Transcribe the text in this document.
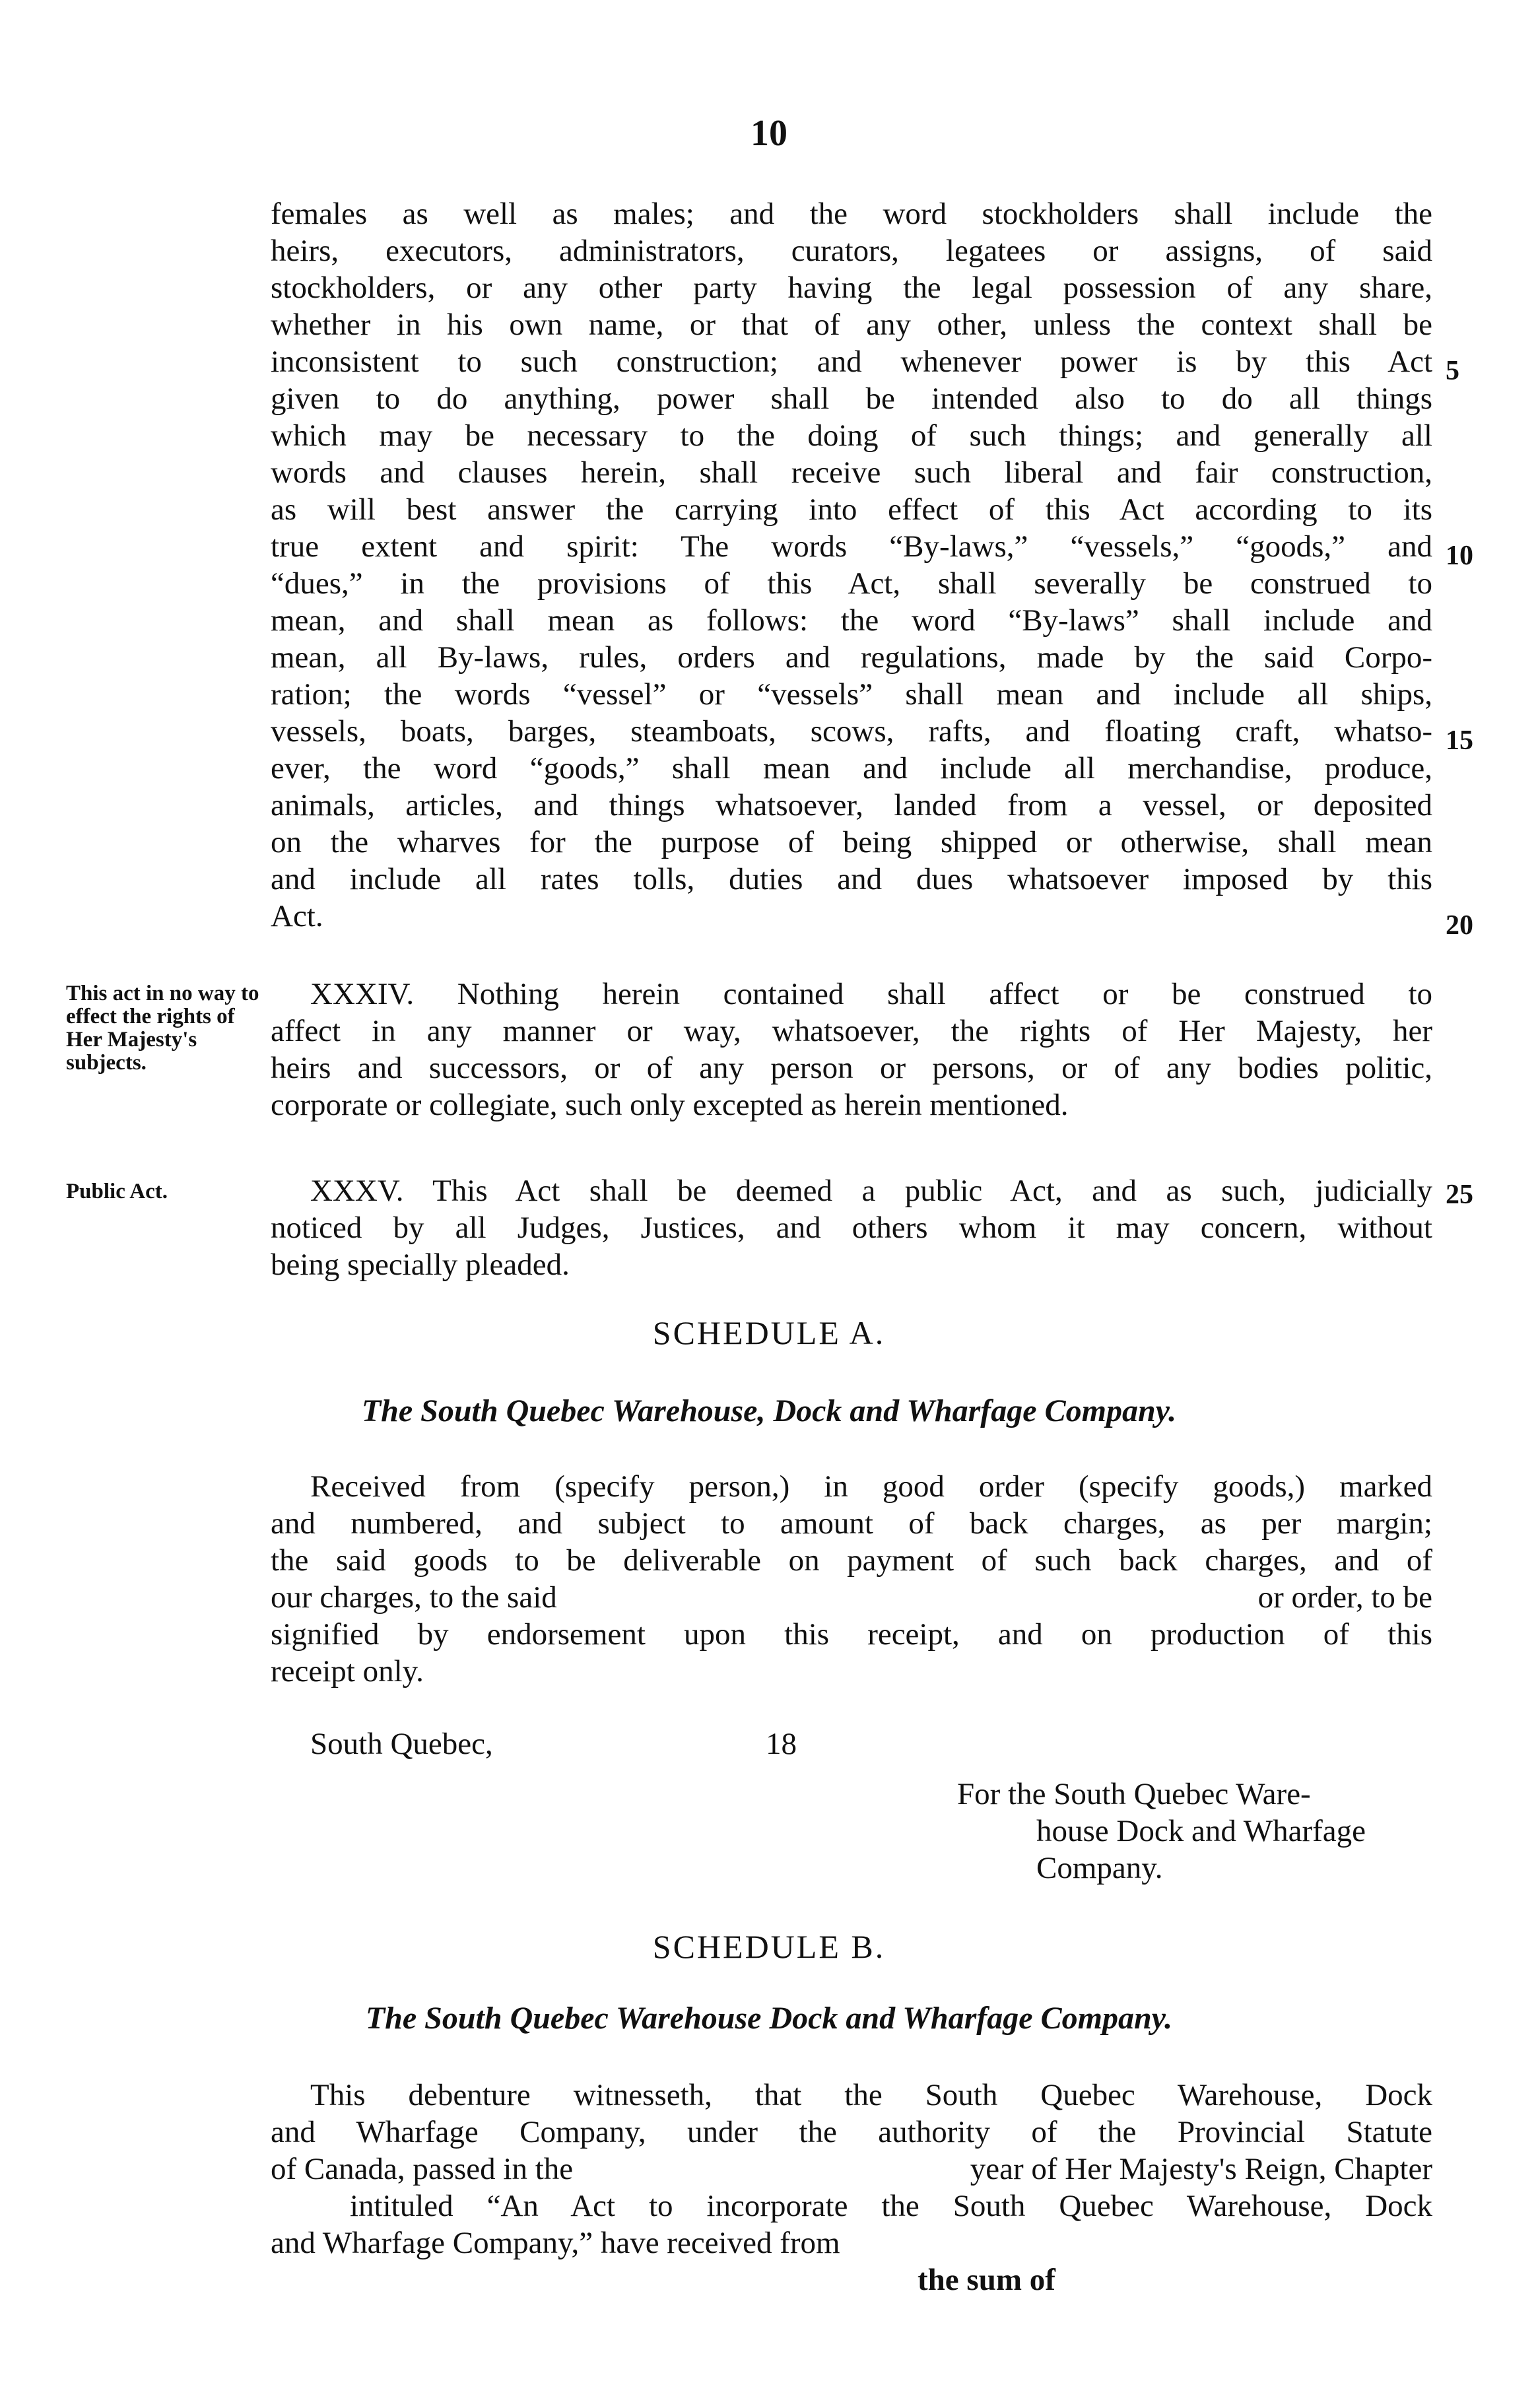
10
females as well as males; and the word stockholders shall include the
heirs, executors, administrators, curators, legatees or assigns, of said
stockholders, or any other party having the legal possession of any share,
whether in his own name, or that of any other, unless the context shall be
inconsistent to such construction; and whenever power is by this Act
given to do anything, power shall be intended also to do all things
which may be necessary to the doing of such things; and generally all
words and clauses herein, shall receive such liberal and fair construction,
as will best answer the carrying into effect of this Act according to its
true extent and spirit: The words “By-laws,” “vessels,” “goods,” and
“dues,” in the provisions of this Act, shall severally be construed to
mean, and shall mean as follows: the word “By-laws” shall include and
mean, all By-laws, rules, orders and regulations, made by the said Corpo-
ration; the words “vessel” or “vessels” shall mean and include all ships,
vessels, boats, barges, steamboats, scows, rafts, and floating craft, whatso-
ever, the word “goods,” shall mean and include all merchandise, produce,
animals, articles, and things whatsoever, landed from a vessel, or deposited
on the wharves for the purpose of being shipped or otherwise, shall mean
and include all rates tolls, duties and dues whatsoever imposed by this
Act.
5
10
15
20
This act in no way to effect the rights of Her Majesty's subjects.
XXXIV. Nothing herein contained shall affect or be construed to
affect in any manner or way, whatsoever, the rights of Her Majesty, her
heirs and successors, or of any person or persons, or of any bodies politic,
corporate or collegiate, such only excepted as herein mentioned.
Public Act.	XXXV. This Act shall be deemed a public Act, and as such, judicially
noticed by all Judges, Justices, and others whom it may concern, without
being specially pleaded.
25
SCHEDULE A.
The South Quebec Warehouse, Dock and Wharfage Company.
Received from (specify person,) in good order (specify goods,) marked
and numbered, and subject to amount of back charges, as per margin;
the said goods to be deliverable on payment of such back charges, and of
our charges, to the said	or order, to be
signified by endorsement upon this receipt, and on production of this
receipt only.
South Quebec,	18
For the South Quebec Ware-
house Dock and Wharfage
Company.
SCHEDULE B.
The South Quebec Warehouse Dock and Wharfage Company.
This debenture witnesseth, that the South Quebec Warehouse, Dock
and Wharfage Company, under the authority of the Provincial Statute
of Canada, passed in the	year of Her Majesty's Reign, Chapter
intituled “An Act to incorporate the South Quebec Warehouse, Dock
and Wharfage Company,” have received from
the sum of
